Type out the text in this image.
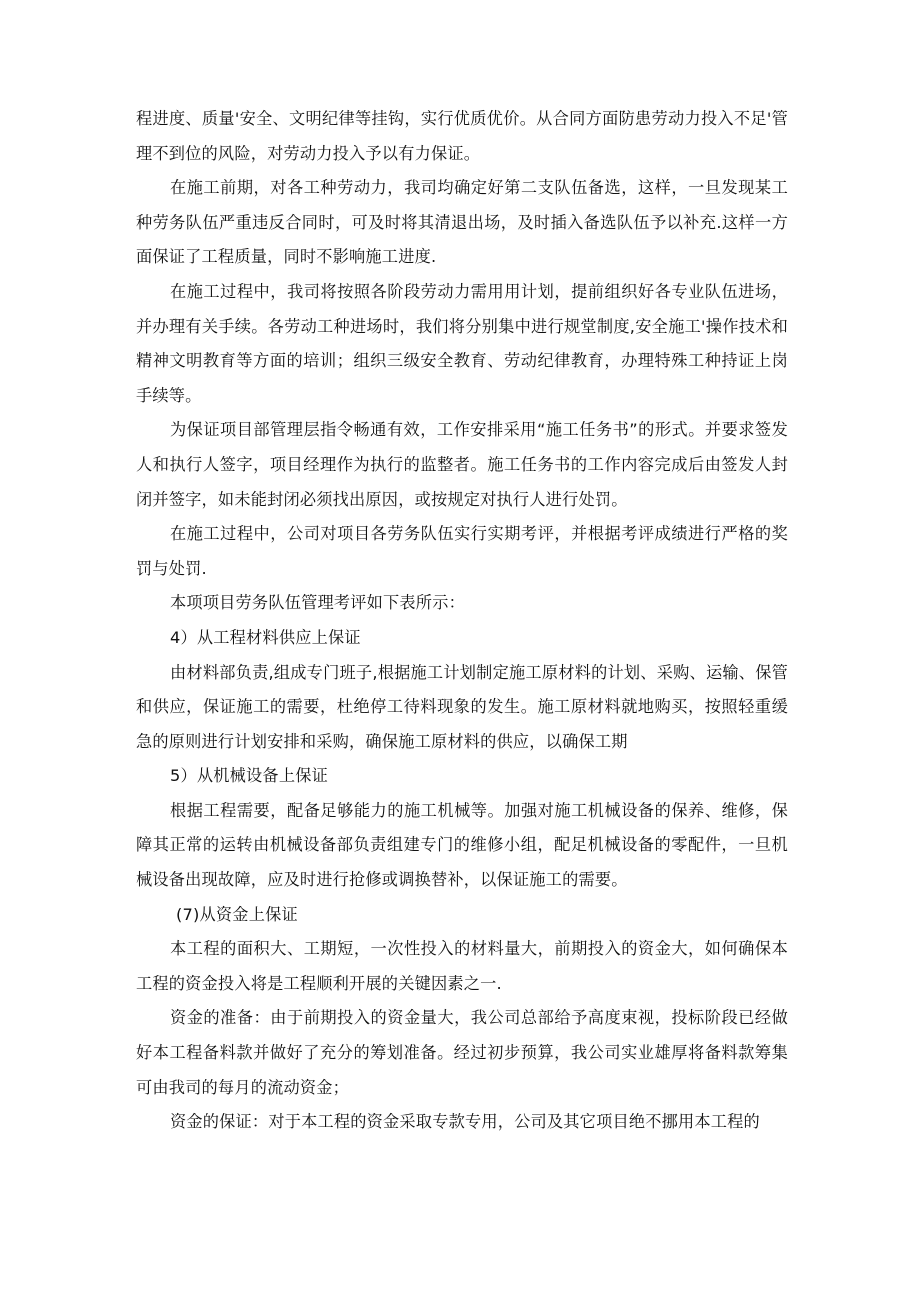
程进度、质量'安全、文明纪律等挂钩，实行优质优价。从合同方面防患劳动力投入不足'管理不到位的风险，对劳动力投入予以有力保证。

在施工前期，对各工种劳动力，我司均确定好第二支队伍备选，这样，一旦发现某工种劳务队伍严重违反合同时，可及时将其清退出场，及时插入备选队伍予以补充.这样一方面保证了工程质量，同时不影响施工进度.

在施工过程中，我司将按照各阶段劳动力需用用计划，提前组织好各专业队伍进场，并办理有关手续。各劳动工种进场时，我们将分别集中进行规堂制度,安全施工'操作技术和精神文明教育等方面的培训；组织三级安全教育、劳动纪律教育，办理特殊工种持证上岗手续等。

为保证项目部管理层指令畅通有效，工作安排采用“施工任务书”的形式。并要求签发人和执行人签字，项目经理作为执行的监整者。施工任务书的工作内容完成后由签发人封闭并签字，如未能封闭必须找出原因，或按规定对执行人进行处罚。

在施工过程中，公司对项目各劳务队伍实行实期考评，并根据考评成绩进行严格的奖罚与处罚.

本项项目劳务队伍管理考评如下表所示：

4）从工程材料供应上保证

由材料部负责,组成专门班子,根据施工计划制定施工原材料的计划、采购、运输、保管和供应，保证施工的需要，杜绝停工待料现象的发生。施工原材料就地购买，按照轻重缓急的原则进行计划安排和采购，确保施工原材料的供应，以确保工期

5）从机械设备上保证

根据工程需要，配备足够能力的施工机械等。加强对施工机械设备的保养、维修，保障其正常的运转由机械设备部负责组建专门的维修小组，配足机械设备的零配件，一旦机械设备出现故障，应及时进行抢修或调换替补，以保证施工的需要。

(7)从资金上保证

本工程的面积大、工期短，一次性投入的材料量大，前期投入的资金大，如何确保本工程的资金投入将是工程顺利开展的关键因素之一.

资金的准备：由于前期投入的资金量大，我公司总部给予高度束视，投标阶段已经做好本工程备料款并做好了充分的筹划准备。经过初步预算，我公司实业雄厚将备料款筹集可由我司的每月的流动资金；

资金的保证：对于本工程的资金采取专款专用，公司及其它项目绝不挪用本工程的
